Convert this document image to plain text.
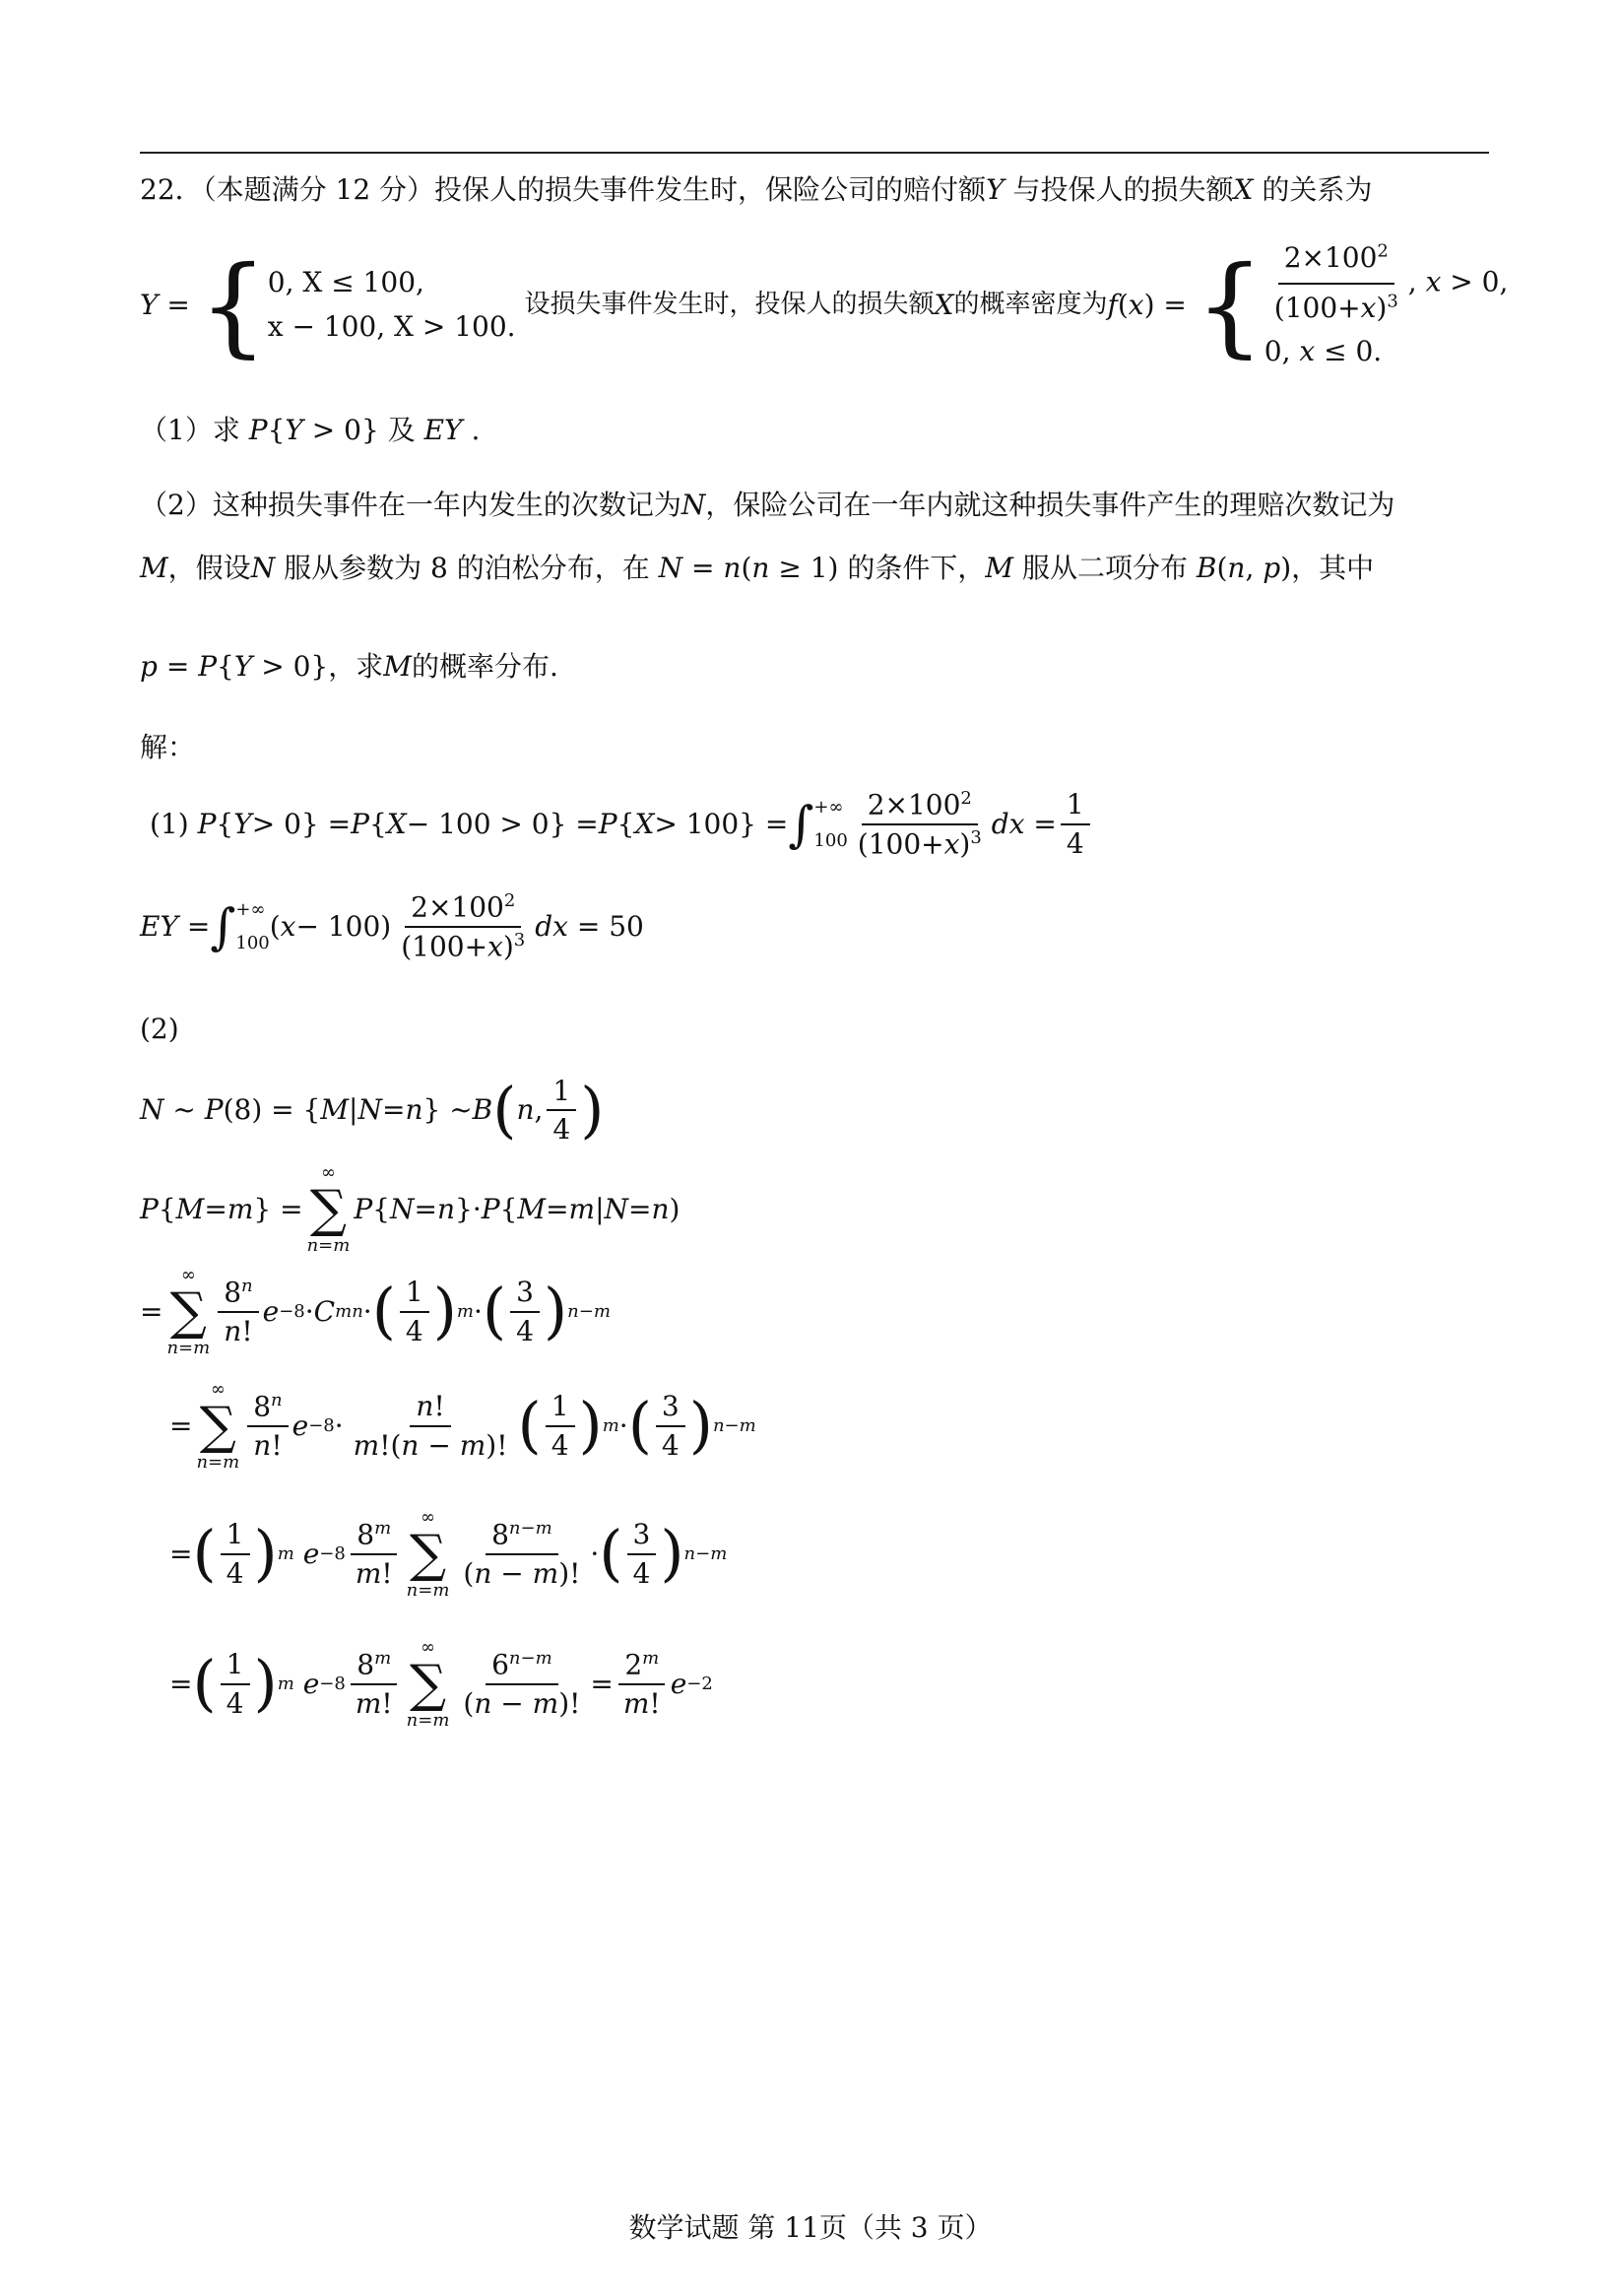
22．（本题满分 12 分）投保人的损失事件发生时，保险公司的赔付额Y 与投保人的损失额X 的关系为
Y = { 0, X ≤ 100,
x − 100, X > 100.

设损失事件发生时，投保人的损失额 X 的概率密度为 f ( x ) = { $\frac{2\times 100^2}{(100+x)^3}$ , x > 0,
0, x ≤ 0.
（1）求 P{Y > 0} 及 EY .
（2）这种损失事件在一年内发生的次数记为N，保险公司在一年内就这种损失事件产生的理赔次数记为
M，假设N 服从参数为 8 的泊松分布，在 N = n(n ≥ 1) 的条件下，M 服从二项分布 B(n, p)，其中
p = P{Y > 0}，求M的概率分布.
解：
(1) P { Y > 0} = P { X − 100 > 0} = P { X > 100} = ∫ +∞
$100 \frac{2\times 100^2}{(100+x)^3}$ dx = $\frac{1}{4}$
EY = ∫ +∞
100
( $x - 100) \frac{2\times 100^2}{(100+x)^3}$ dx = 50
(2)
N ~ P (8) = { M | N = n } ~ B ( n , $\frac{1}{4}$ )
P { M = m } =
∞
∑
n=m
P { N = n }· P { M = m | N = n )
=
∞
∑
$n=m \frac{8^n}{n!}$ e −8 · C m n · ( $\frac{1}{4}$ ) m · ( $\frac{3}{4}$ ) n−m
=
∞
∑
$n=m \frac{8^n}{n!}$ $e -8 \cdot \frac{n!}{m!(n - m)!}$ ( $\frac{1}{4}$ ) m · ( $\frac{3}{4}$ ) n−m
= ( $\frac{1}{4}$ ) m
$e -8 \frac{8^m}{m!}$
∞
∑
$n=m \frac{8^{n-m}}{(n - m)!}$ · ( $\frac{3}{4}$ ) n−m
= ( $\frac{1}{4}$ ) m
$e -8 \frac{8^m}{m!}$
∞
∑
$n=m \frac{6^{n-m}}{(n - m)!} = \frac{2^m}{m!}$ e −2
数学试题 第 11页（共 3 页）
